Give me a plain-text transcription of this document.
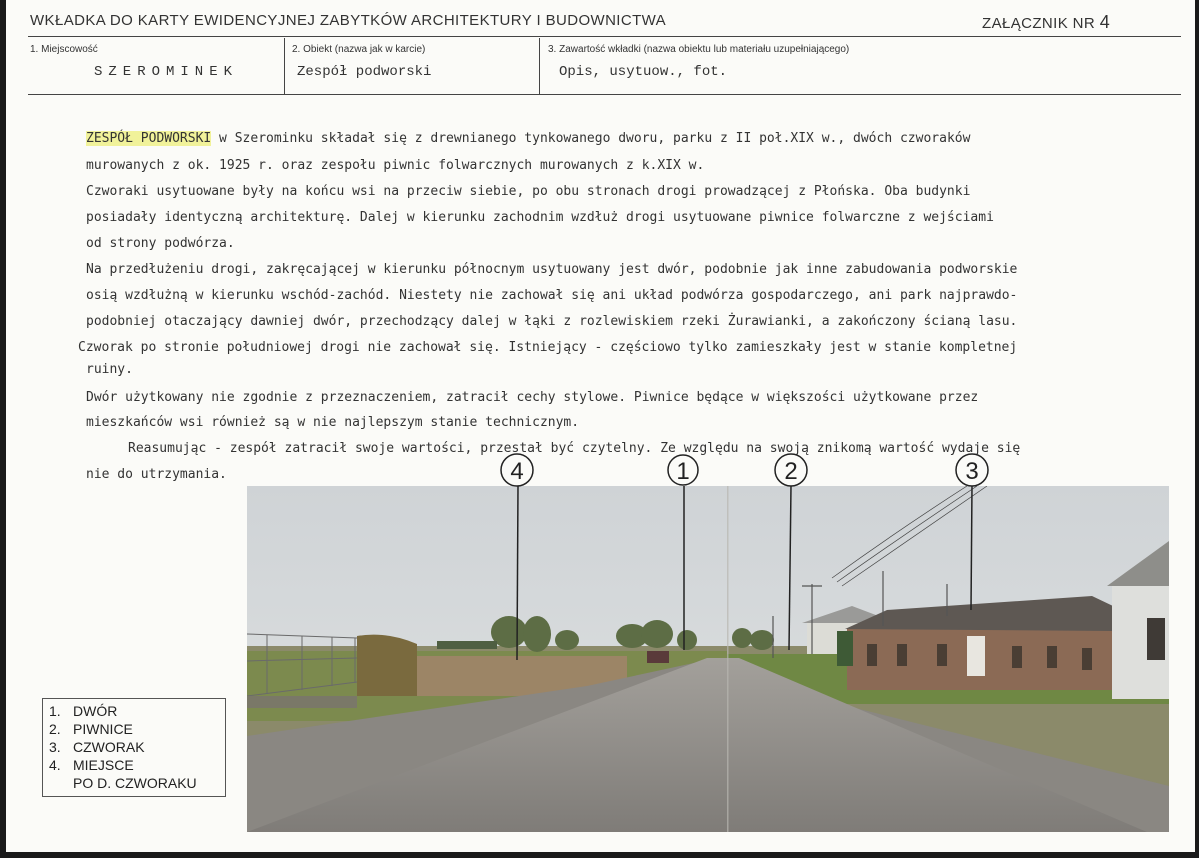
WKŁADKA DO KARTY EWIDENCYJNEJ ZABYTKÓW ARCHITEKTURY I BUDOWNICTWA	ZAŁĄCZNIK NR 4
1. Miejscowość
SZEROMINEK
2. Obiekt (nazwa jak w karcie)
Zespół podworski
3. Zawartość wkładki (nazwa obiektu lub materiału uzupełniającego)
Opis, usytuow., fot.
ZESPÓŁ PODWORSKI w Szerominku składał się z drewnianego tynkowanego dworu, parku z II poł.XIX w., dwóch czworaków
murowanych z ok. 1925 r. oraz zespołu piwnic folwarcznych murowanych z k.XIX w.
Czworaki usytuowane były na końcu wsi na przeciw siebie, po obu stronach drogi prowadzącej z Płońska. Oba budynki
posiadały identyczną architekturę. Dalej w kierunku zachodnim wzdłuż drogi usytuowane piwnice folwarczne z wejściami
od strony podwórza.
Na przedłużeniu drogi, zakręcającej w kierunku północnym usytuowany jest dwór, podobnie jak inne zabudowania podworskie
osią wzdłużną w kierunku wschód-zachód. Niestety nie zachował się ani układ podwórza gospodarczego, ani park najprawdo-
podobniej otaczający dawniej dwór, przechodzący dalej w łąki z rozlewiskiem rzeki Żurawianki, a zakończony ścianą lasu.
Czworak po stronie południowej drogi nie zachował się. Istniejący - częściowo tylko zamieszkały jest w stanie kompletnej
ruiny.
Dwór użytkowany nie zgodnie z przeznaczeniem, zatracił cechy stylowe. Piwnice będące w większości użytkowane przez
mieszkańców wsi również są w nie najlepszym stanie technicznym.
Reasumując - zespół zatracił swoje wartości, przestał być czytelny. Ze względu na swoją znikomą wartość wydaje się
nie do utrzymania.	4	1	2	3
1. DWÓR
2. PIWNICE
3. CZWORAK
4. MIEJSCE
PO D. CZWORAKU
